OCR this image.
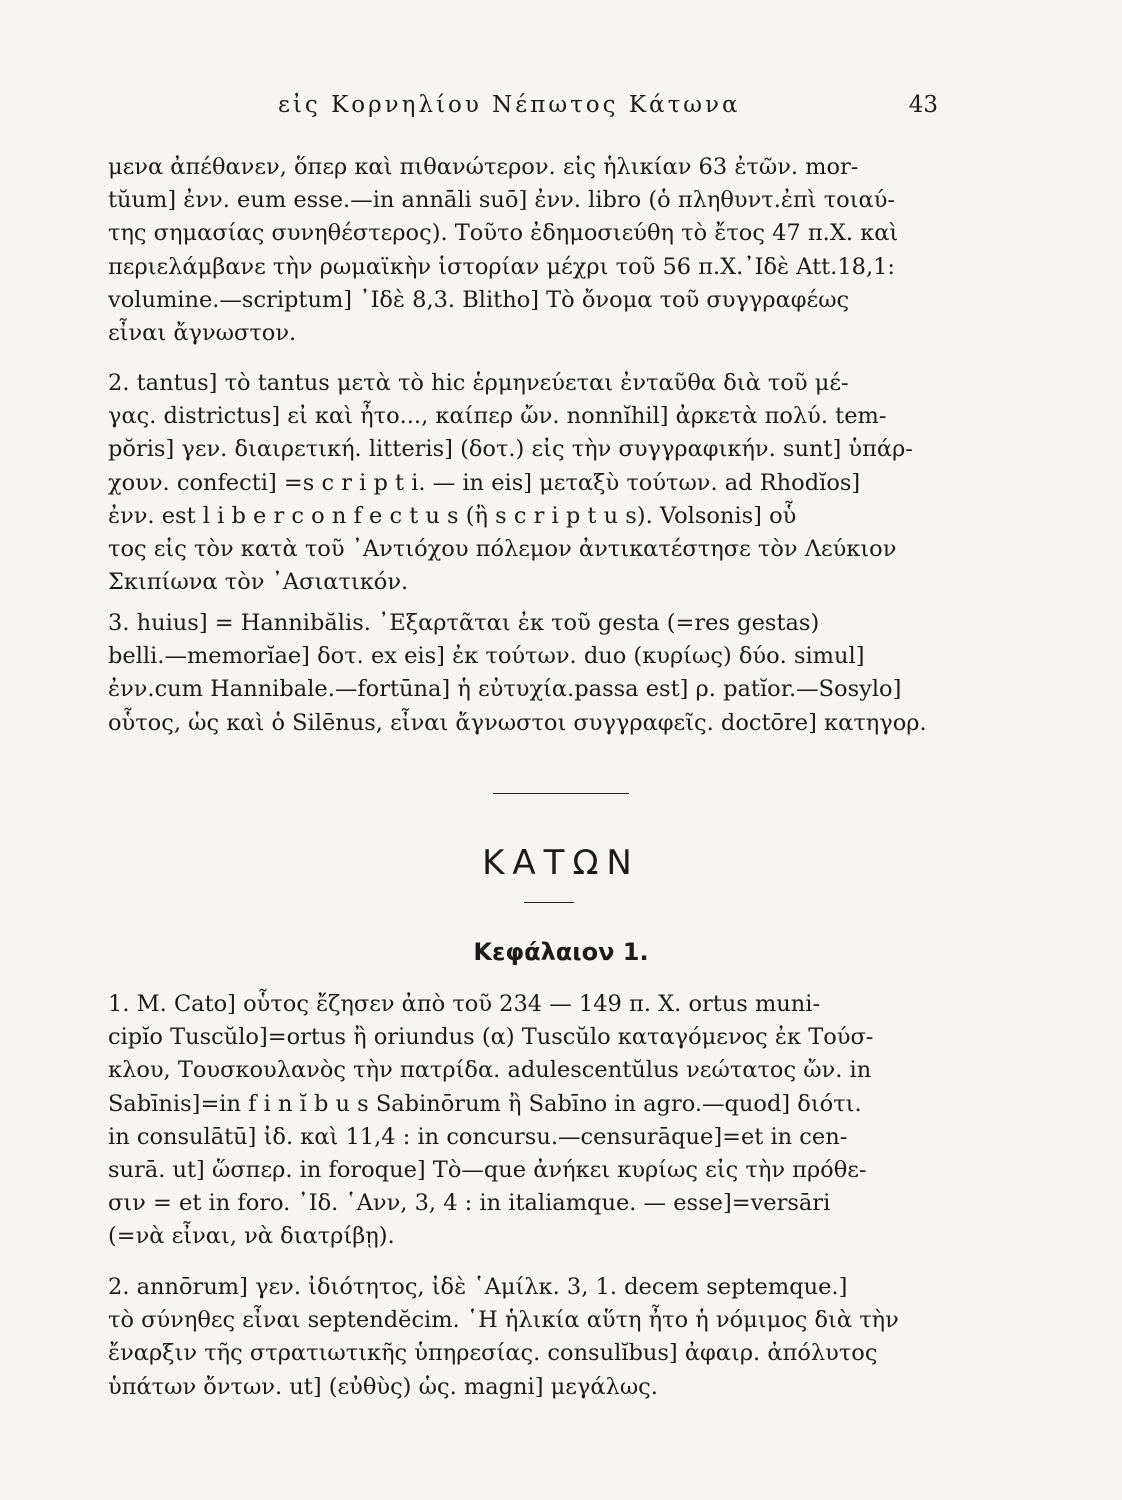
εἰς Κορνηλίου Νέπωτος Κάτωνα	43
μενα ἀπέθανεν, ὅπερ καὶ πιθανώτερον. εἰς ἡλικίαν 63 ἐτῶν. mor-
tŭum] ἐνν. eum esse.—in annāli suō] ἐνν. libro (ὁ πληθυντ.ἐπὶ τοιαύ-
της σημασίας συνηθέστερος). Τοῦτο ἐδημοσιεύθη τὸ ἔτος 47 π.Χ. καὶ
περιελάμβανε τὴν ρωμαϊκὴν ἱστορίαν μέχρι τοῦ 56 π.Χ.᾽Ιδὲ Att.18,1:
volumine.—scriptum] ᾽Ιδὲ 8,3. Blitho] Τὸ ὄνομα τοῦ συγγραφέως
εἶναι ἄγνωστον.
2. tantus] τὸ tantus μετὰ τὸ hic ἑρμηνεύεται ἐνταῦθα διὰ τοῦ μέ-
γας. districtus] εἰ καὶ ἦτο..., καίπερ ὤν. nonnĭhil] ἀρκετὰ πολύ. tem-
pŏris] γεν. διαιρετική. litteris] (δοτ.) εἰς τὴν συγγραφικήν. sunt] ὑπάρ-
χουν. confecti] =s c r i p t i. — in eis] μεταξὺ τούτων. ad Rhodĭos]
ἐνν. est l i b e r c o n f e c t u s (ἢ s c r i p t u s). Volsonis] οὗ
τος εἰς τὸν κατὰ τοῦ ᾽Αντιόχου πόλεμον ἀντικατέστησε τὸν Λεύκιον
Σκιπίωνα τὸν ᾽Ασιατικόν.
3. huius] = Hannibălis. ᾽Εξαρτᾶται ἐκ τοῦ gesta (=res gestas)
belli.—memorĭae] δοτ. ex eis] ἐκ τούτων. duo (κυρίως) δύο. simul]
ἐνν.cum Hannibale.—fortūna] ἡ εὐτυχία.passa est] ρ. patĭor.—Sosylo]
οὗτος, ὡς καὶ ὁ Silēnus, εἶναι ἄγνωστοι συγγραφεῖς. doctōre] κατηγορ.
ΚΑΤΩΝ
Κεφάλαιον 1.
1. M. Cato] οὗτος ἔζησεν ἀπὸ τοῦ 234 — 149 π. Χ. ortus muni-
cipĭo Tuscŭlo]=ortus ἢ oriundus (α) Tuscŭlo καταγόμενος ἐκ Τούσ-
κλου, Τουσκουλανὸς τὴν πατρίδα. adulescentŭlus νεώτατος ὤν. in
Sabīnis]=in f i n ĭ b u s Sabinōrum ἢ Sabīno in agro.—quod] διότι.
in consulātū] ἰδ. καὶ 11,4 : in concursu.—censurāque]=et in cen-
surā. ut] ὥσπερ. in foroque] Τὸ—que ἀνήκει κυρίως εἰς τὴν πρόθε-
σιν = et in foro. ᾽Ιδ. ῾Ανν, 3, 4 : in italiamque. — esse]=versāri
(=νὰ εἶναι, νὰ διατρίβῃ).
2. annōrum] γεν. ἰδιότητος, ἰδὲ ῾Αμίλκ. 3, 1. decem septemque.]
τὸ σύνηθες εἶναι septendĕcim. ῾Η ἡλικία αὕτη ἦτο ἡ νόμιμος διὰ τὴν
ἔναρξιν τῆς στρατιωτικῆς ὑπηρεσίας. consulĭbus] ἀφαιρ. ἀπόλυτος
ὑπάτων ὄντων. ut] (εὐθὺς) ὡς. magni] μεγάλως.
